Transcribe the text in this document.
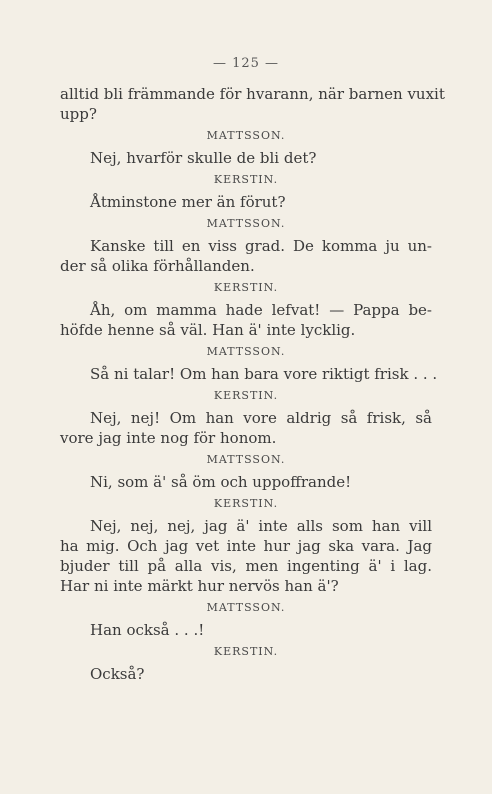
— 125 —
alltid bli främmande för hvarann, när barnen vuxit
upp?
MATTSSON.
Nej, hvarför skulle de bli det?
KERSTIN.
Åtminstone mer än förut?
MATTSSON.
Kanske till en viss grad. De komma ju un-
der så olika förhållanden.
KERSTIN.
Åh, om mamma hade lefvat! — Pappa be-
höfde henne så väl. Han ä' inte lycklig.
MATTSSON.
Så ni talar! Om han bara vore riktigt frisk . . .
KERSTIN.
Nej, nej! Om han vore aldrig så frisk, så
vore jag inte nog för honom.
MATTSSON.
Ni, som ä' så öm och uppoffrande!
KERSTIN.
Nej, nej, nej, jag ä' inte alls som han vill
ha mig. Och jag vet inte hur jag ska vara. Jag
bjuder till på alla vis, men ingenting ä' i lag.
Har ni inte märkt hur nervös han ä'?
MATTSSON.
Han också . . .!
KERSTIN.
Också?
